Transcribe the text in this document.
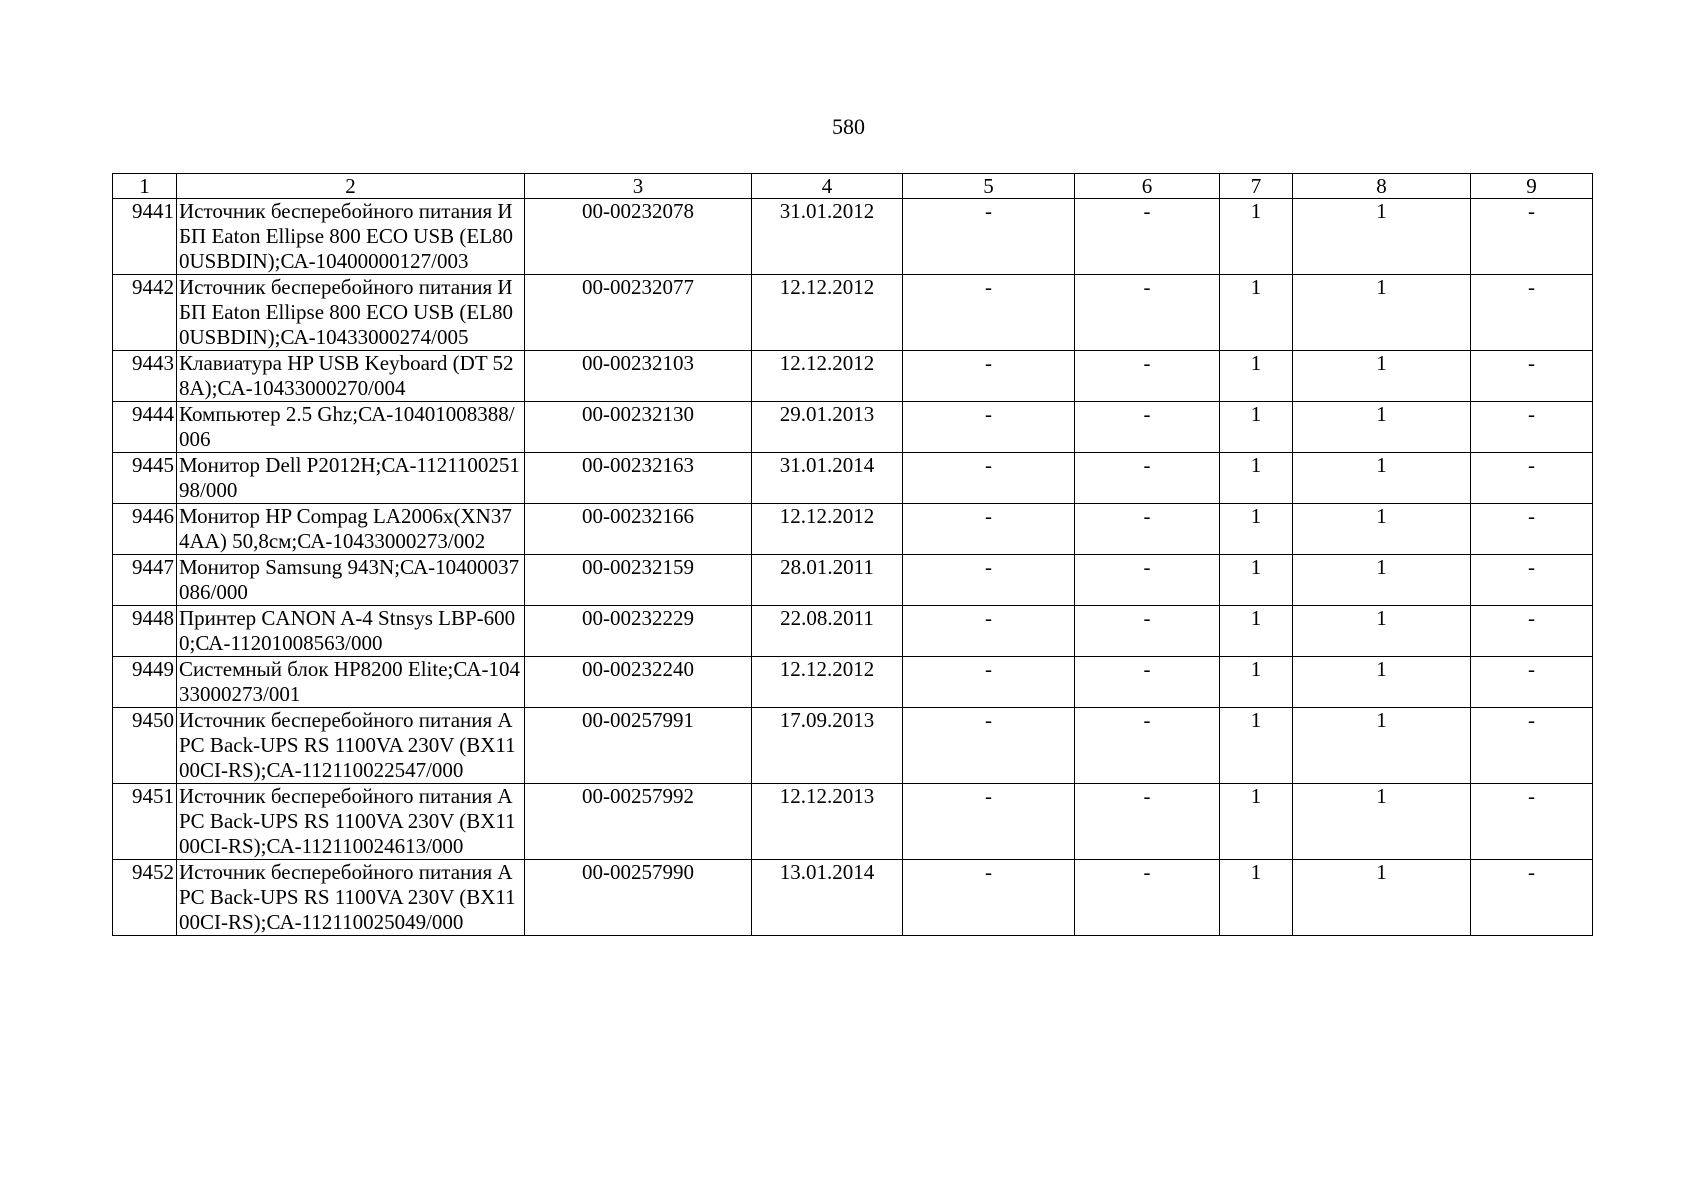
580
1	2	3	4	5	6	7	8	9
9441	Источник бесперебойного питания ИБП Eaton Ellipse 800 ECO USB (EL800USBDIN);СА-10400000127/003	00-00232078	31.01.2012	-	-	1	1	-
9442	Источник бесперебойного питания ИБП Eaton Ellipse 800 ECO USB (EL800USBDIN);СА-10433000274/005	00-00232077	12.12.2012	-	-	1	1	-
9443	Клавиатура HP USB Keyboard (DT 528A);СА-10433000270/004	00-00232103	12.12.2012	-	-	1	1	-
9444	Компьютер 2.5 Ghz;СА-10401008388/006	00-00232130	29.01.2013	-	-	1	1	-
9445	Монитор Dell P2012H;СА-112110025198/000	00-00232163	31.01.2014	-	-	1	1	-
9446	Монитор HP Compag LA2006x(XN374AA) 50,8см;СА-10433000273/002	00-00232166	12.12.2012	-	-	1	1	-
9447	Монитор Samsung 943N;СА-10400037086/000	00-00232159	28.01.2011	-	-	1	1	-
9448	Принтер CANON A-4 Stnsys LBP-6000;СА-11201008563/000	00-00232229	22.08.2011	-	-	1	1	-
9449	Системный блок HP8200 Elite;СА-10433000273/001	00-00232240	12.12.2012	-	-	1	1	-
9450	Источник бесперебойного питания APC Back-UPS RS 1100VA 230V (BX1100CI-RS);СА-112110022547/000	00-00257991	17.09.2013	-	-	1	1	-
9451	Источник бесперебойного питания APC Back-UPS RS 1100VA 230V (BX1100CI-RS);СА-112110024613/000	00-00257992	12.12.2013	-	-	1	1	-
9452	Источник бесперебойного питания APC Back-UPS RS 1100VA 230V (BX1100CI-RS);СА-112110025049/000	00-00257990	13.01.2014	-	-	1	1	-
